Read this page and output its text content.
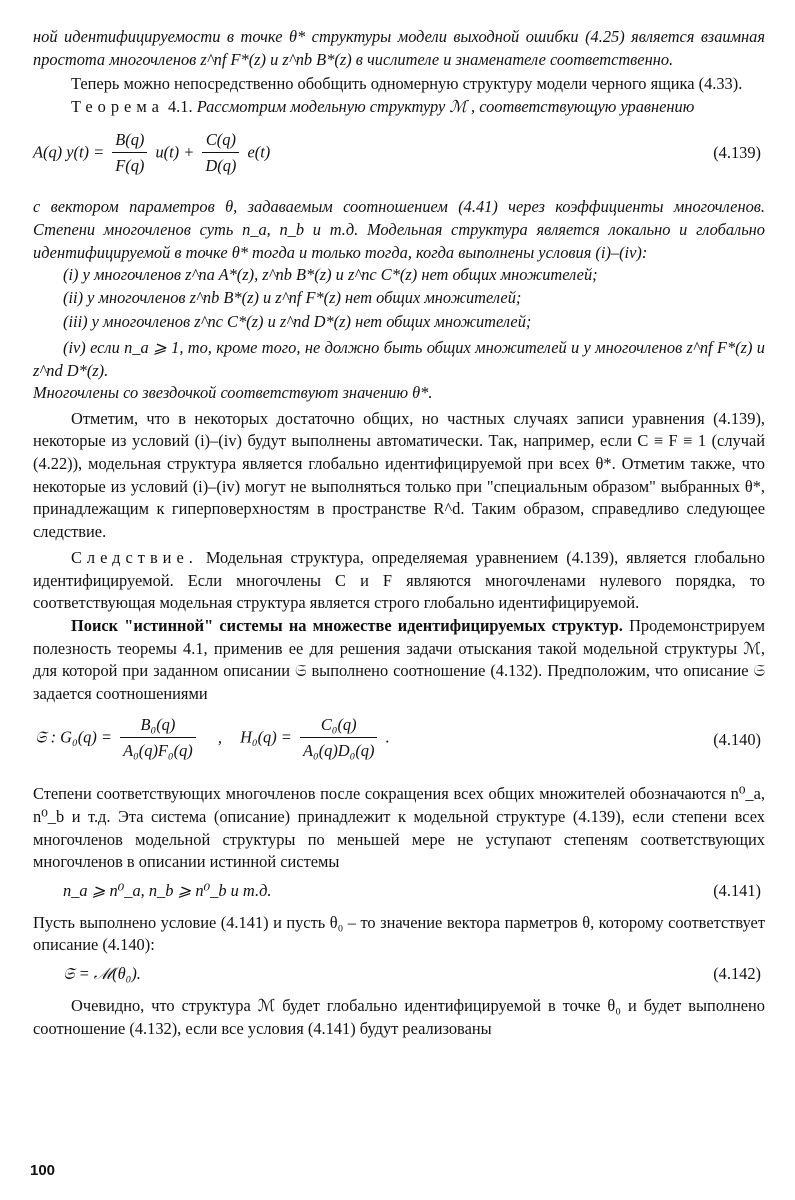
ной идентифицируемости в точке θ* структуры модели выходной ошибки (4.25) является взаимная простота многочленов z^nf F*(z) и z^nb B*(z) в числителе и знаменателе соответственно.

Теперь можно непосредственно обобщить одномерную структуру модели черного ящика (4.33).

Теорема 4.1. Рассмотрим модельную структуру ℳ , соответствующую уравнению

A(q) $y(t) = \frac{B(q)}{F(q)} u(t) + \frac{C(q)}{D(q)} e(t)$	(4.139)

с вектором параметров θ, задаваемым соотношением (4.41) через коэффициенты многочленов. Степени многочленов суть n_a, n_b и т.д. Модельная структура является локально и глобально идентифицируемой в точке θ* тогда и только тогда, когда выполнены условия (i)–(iv):

(i) у многочленов z^na A*(z), z^nb B*(z) и z^nc C*(z) нет общих множителей;

(ii) у многочленов z^nb B*(z) и z^nf F*(z) нет общих множителей;

(iii) у многочленов z^nc C*(z) и z^nd D*(z) нет общих множителей;

(iv) если n_a ⩾ 1, то, кроме того, не должно быть общих множителей и у многочленов z^nf F*(z) и z^nd D*(z).

Многочлены со звездочкой соответствуют значению θ*.

Отметим, что в некоторых достаточно общих, но частных случаях записи уравнения (4.139), некоторые из условий (i)–(iv) будут выполнены автоматически. Так, например, если C ≡ F ≡ 1 (случай (4.22)), модельная структура является глобально идентифицируемой при всех θ*. Отметим также, что некоторые из условий (i)–(iv) могут не выполняться только при "специальным образом" выбранных θ*, принадлежащим к гиперповерхностям в пространстве R^d. Таким образом, справедливо следующее следствие.

Следствие. Модельная структура, определяемая уравнением (4.139), является глобально идентифицируемой. Если многочлены C и F являются многочленами нулевого порядка, то соответствующая модельная структура является строго глобально идентифицируемой.

Поиск "истинной" системы на множестве идентифицируемых структур. Продемонстрируем полезность теоремы 4.1, применив ее для решения задачи отыскания такой модельной структуры ℳ, для которой при заданном описании 𝔖 выполнено соотношение (4.132). Предположим, что описание 𝔖 задается соотношениями

𝔖 : $G_0(q) = \frac{\text{B₀(q)}}{\text{A₀(q)F₀(q)}}$ , $H_0(q) = \frac{\text{C₀(q)}}{\text{A₀(q)D₀(q)}}$ .	(4.140)

Степени соответствующих многочленов после сокращения всех общих множителей обозначаются n⁰_a, n⁰_b и т.д. Эта система (описание) принадлежит к модельной структуре (4.139), если степени всех многочленов модельной структуры по меньшей мере не уступают степеням соответствующих многочленов в описании истинной системы

n_a ⩾ n⁰_a, n_b ⩾ n⁰_b и т.д.	(4.141)

Пусть выполнено условие (4.141) и пусть θ₀ – то значение вектора парметров θ, которому соответствует описание (4.140):

𝔖 = ℳ(θ₀).	(4.142)

Очевидно, что структура ℳ будет глобально идентифицируемой в точке θ₀ и будет выполнено соотношение (4.132), если все условия (4.141) будут реализованы

100
